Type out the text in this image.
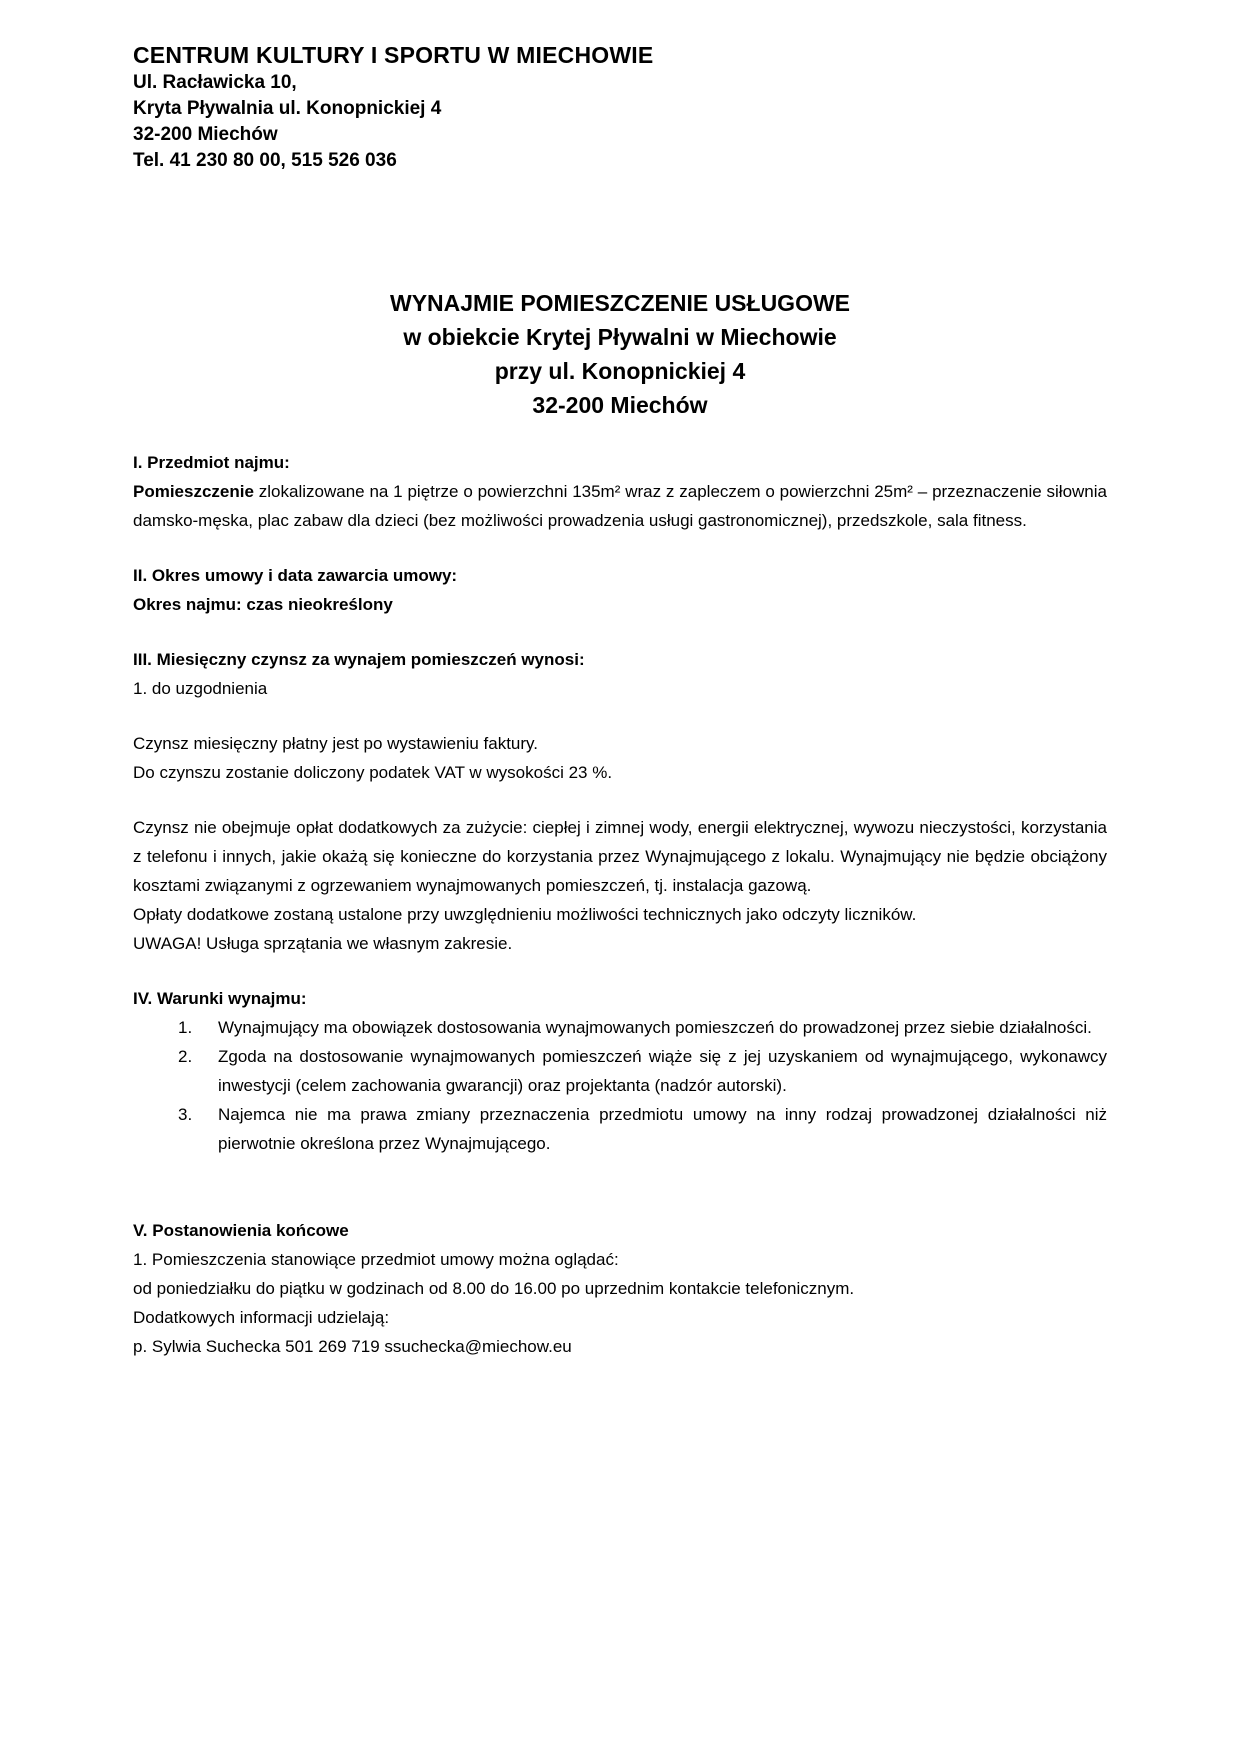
CENTRUM KULTURY I SPORTU W MIECHOWIE
Ul. Racławicka 10,
Kryta Pływalnia ul. Konopnickiej 4
32-200 Miechów
Tel. 41 230 80 00, 515 526 036
WYNAJMIE POMIESZCZENIE USŁUGOWE
w obiekcie Krytej Pływalni w Miechowie
przy ul. Konopnickiej 4
32-200 Miechów
I. Przedmiot najmu:

Pomieszczenie zlokalizowane na 1 piętrze o powierzchni 135m² wraz z zapleczem o powierzchni 25m² – przeznaczenie siłownia damsko-męska, plac zabaw dla dzieci (bez możliwości prowadzenia usługi gastronomicznej), przedszkole, sala fitness.

II. Okres umowy i data zawarcia umowy:
Okres najmu: czas nieokreślony
III. Miesięczny czynsz za wynajem pomieszczeń wynosi:
1. do uzgodnienia

Czynsz miesięczny płatny jest po wystawieniu faktury.

Do czynszu zostanie doliczony podatek VAT w wysokości 23 %.

Czynsz nie obejmuje opłat dodatkowych za zużycie: ciepłej i zimnej wody, energii elektrycznej, wywozu nieczystości, korzystania z telefonu i innych, jakie okażą się konieczne do korzystania przez Wynajmującego z lokalu. Wynajmujący nie będzie obciążony kosztami związanymi z ogrzewaniem wynajmowanych pomieszczeń, tj. instalacja gazową.

Opłaty dodatkowe zostaną ustalone przy uwzględnieniu możliwości technicznych jako odczyty liczników.

UWAGA! Usługa sprzątania we własnym zakresie.

IV. Warunki wynajmu:
1. Wynajmujący ma obowiązek dostosowania wynajmowanych pomieszczeń do prowadzonej przez siebie działalności.
2. Zgoda na dostosowanie wynajmowanych pomieszczeń wiąże się z jej uzyskaniem od wynajmującego, wykonawcy inwestycji (celem zachowania gwarancji) oraz projektanta (nadzór autorski).
3. Najemca nie ma prawa zmiany przeznaczenia przedmiotu umowy na inny rodzaj prowadzonej działalności niż pierwotnie określona przez Wynajmującego.
V. Postanowienia końcowe
1. Pomieszczenia stanowiące przedmiot umowy można oglądać:

od poniedziałku do piątku w godzinach od 8.00 do 16.00 po uprzednim kontakcie telefonicznym.

Dodatkowych informacji udzielają:
p. Sylwia Suchecka 501 269 719 ssuchecka@miechow.eu
